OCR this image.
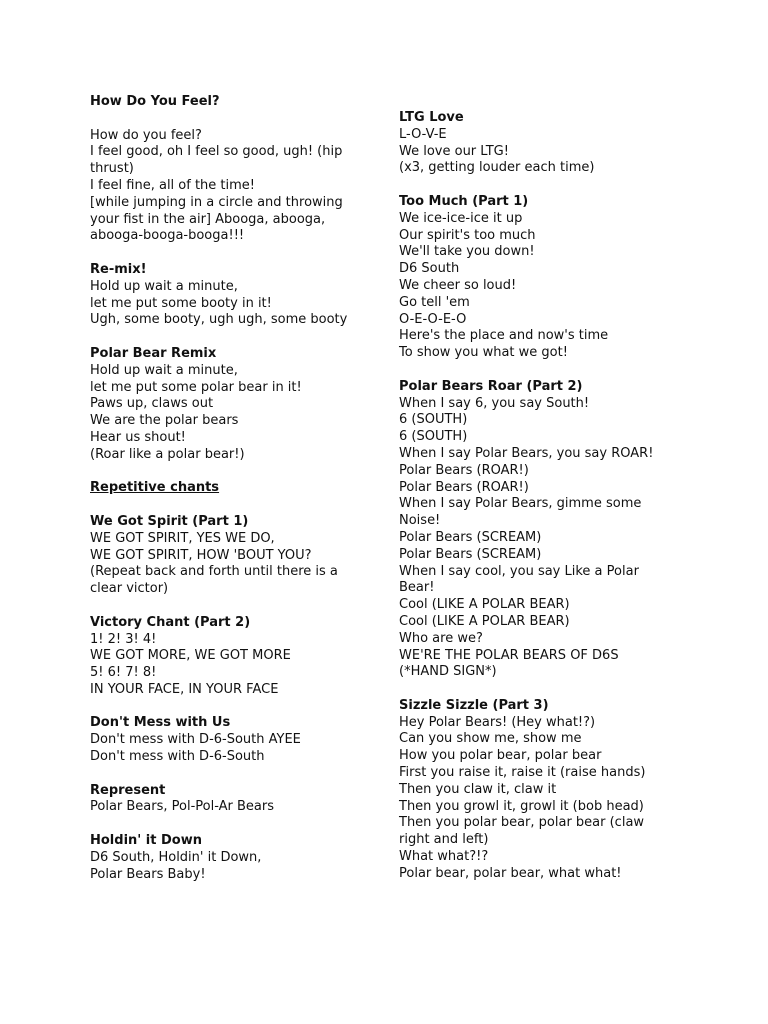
How Do You Feel?
How do you feel?
I feel good, oh I feel so good, ugh! (hip
thrust)
I feel fine, all of the time!
[while jumping in a circle and throwing
your fist in the air] Abooga, abooga,
abooga-booga-booga!!!
Re-mix!
Hold up wait a minute,
let me put some booty in it!
Ugh, some booty, ugh ugh, some booty
Polar Bear Remix
Hold up wait a minute,
let me put some polar bear in it!
Paws up, claws out
We are the polar bears
Hear us shout!
(Roar like a polar bear!)
Repetitive chants
We Got Spirit (Part 1)
WE GOT SPIRIT, YES WE DO,
WE GOT SPIRIT, HOW 'BOUT YOU?
(Repeat back and forth until there is a
clear victor)
Victory Chant (Part 2)
1! 2! 3! 4!
WE GOT MORE, WE GOT MORE
5! 6! 7! 8!
IN YOUR FACE, IN YOUR FACE
Don't Mess with Us
Don't mess with D-6-South AYEE
Don't mess with D-6-South
Represent
Polar Bears, Pol-Pol-Ar Bears
Holdin' it Down
D6 South, Holdin' it Down,
Polar Bears Baby!
LTG Love
L-O-V-E
We love our LTG!
(x3, getting louder each time)
Too Much (Part 1)
We ice-ice-ice it up
Our spirit's too much
We'll take you down!
D6 South
We cheer so loud!
Go tell 'em
O-E-O-E-O
Here's the place and now's time
To show you what we got!
Polar Bears Roar (Part 2)
When I say 6, you say South!
6 (SOUTH)
6 (SOUTH)
When I say Polar Bears, you say ROAR!
Polar Bears (ROAR!)
Polar Bears (ROAR!)
When I say Polar Bears, gimme some
Noise!
Polar Bears (SCREAM)
Polar Bears (SCREAM)
When I say cool, you say Like a Polar
Bear!
Cool (LIKE A POLAR BEAR)
Cool (LIKE A POLAR BEAR)
Who are we?
WE'RE THE POLAR BEARS OF D6S
(*HAND SIGN*)
Sizzle Sizzle (Part 3)
Hey Polar Bears! (Hey what!?)
Can you show me, show me
How you polar bear, polar bear
First you raise it, raise it (raise hands)
Then you claw it, claw it
Then you growl it, growl it (bob head)
Then you polar bear, polar bear (claw
right and left)
What what?!?
Polar bear, polar bear, what what!
